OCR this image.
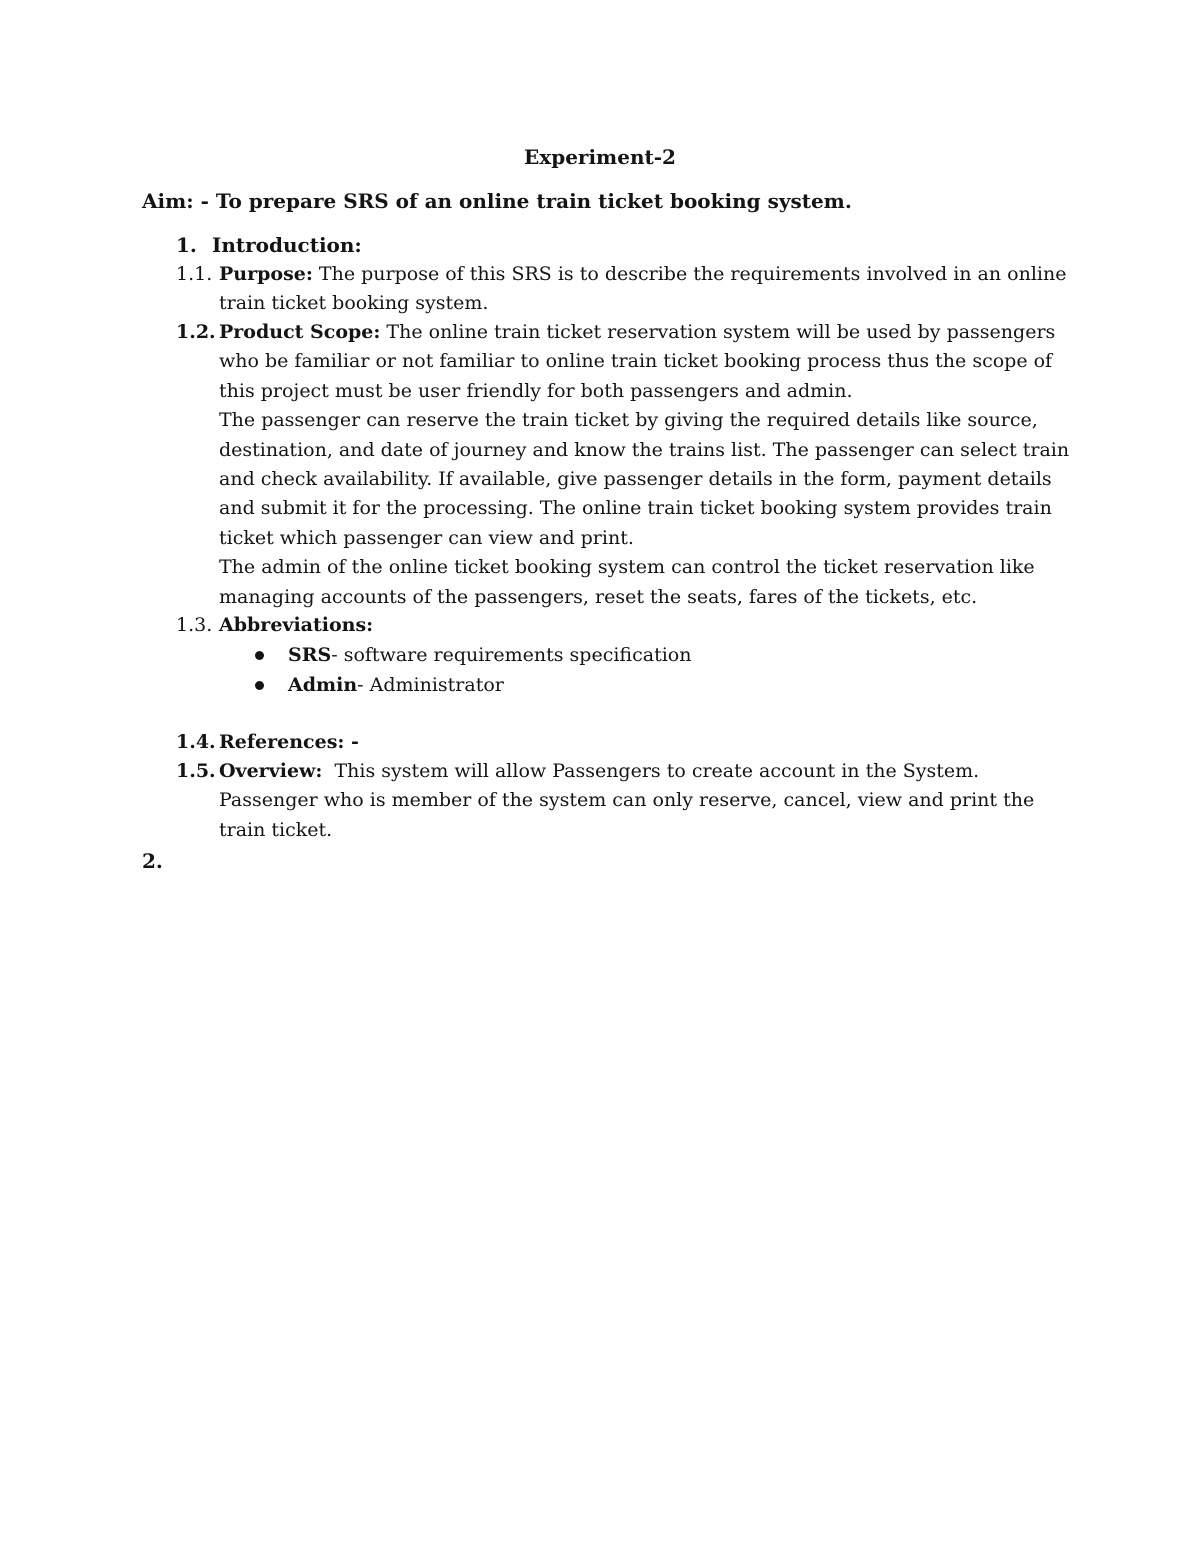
Experiment-2
Aim: - To prepare SRS of an online train ticket booking system.
1. Introduction:
1.1. Purpose: The purpose of this SRS is to describe the requirements involved in an online train ticket booking system.

1.2. Product Scope: The online train ticket reservation system will be used by passengers who be familiar or not familiar to online train ticket booking process thus the scope of this project must be user friendly for both passengers and admin.

The passenger can reserve the train ticket by giving the required details like source, destination, and date of journey and know the trains list. The passenger can select train and check availability. If available, give passenger details in the form, payment details and submit it for the processing. The online train ticket booking system provides train ticket which passenger can view and print.

The admin of the online ticket booking system can control the ticket reservation like managing accounts of the passengers, reset the seats, fares of the tickets, etc.

1.3. Abbreviations:

SRS- software requirements specification
Admin- Administrator
1.4. References: -

1.5. Overview:  This system will allow Passengers to create account in the System. Passenger who is member of the system can only reserve, cancel, view and print the train ticket.

2.
